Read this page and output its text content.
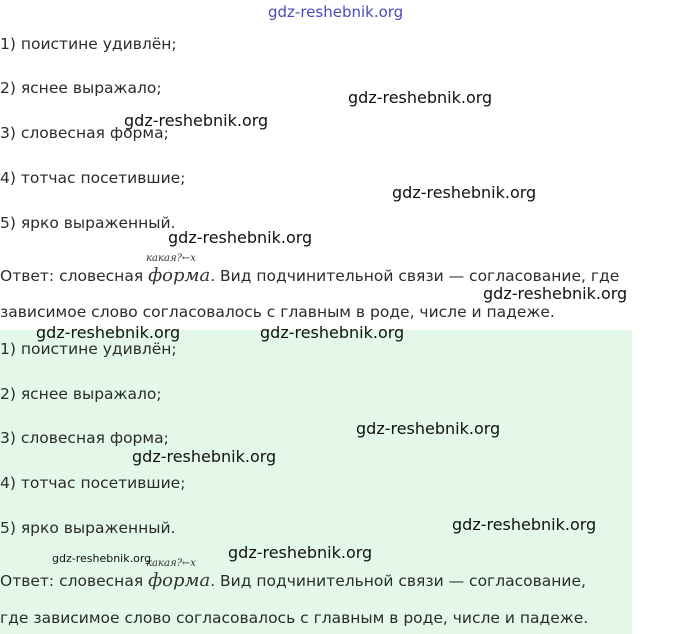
gdz-reshebnik.org
1) поистине удивлён;
2) яснее выражало;
3) словесная форма;
4) тотчас посетившие;
5) ярко выраженный.
Ответ: словесная
какая?←х
форма. Вид подчинительной связи — согласование, где
зависимое слово согласовалось с главным в роде, числе и падеже.
1) поистине удивлён;
2) яснее выражало;
3) словесная форма;
4) тотчас посетившие;
5) ярко выраженный.
Ответ: словесная
какая?←х
форма. Вид подчинительной связи — согласование,
где зависимое слово согласовалось с главным в роде, числе и падеже.
gdz-reshebnik.org
gdz-reshebnik.org
gdz-reshebnik.org
gdz-reshebnik.org
gdz-reshebnik.org
gdz-reshebnik.org	gdz-reshebnik.org
gdz-reshebnik.org
gdz-reshebnik.org
gdz-reshebnik.org
gdz-reshebnik.org	gdz-reshebnik.org
